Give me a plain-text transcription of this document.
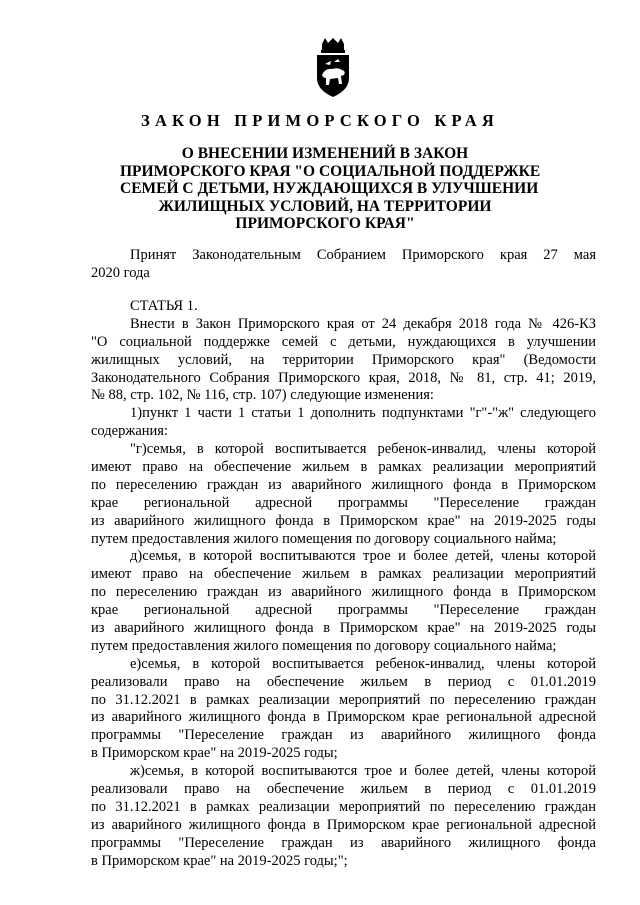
ЗАКОН ПРИМОРСКОГО КРАЯ
О ВНЕСЕНИИ ИЗМЕНЕНИЙ В ЗАКОН
ПРИМОРСКОГО КРАЯ "О СОЦИАЛЬНОЙ ПОДДЕРЖКЕ
СЕМЕЙ С ДЕТЬМИ, НУЖДАЮЩИХСЯ В УЛУЧШЕНИИ
ЖИЛИЩНЫХ УСЛОВИЙ, НА ТЕРРИТОРИИ
ПРИМОРСКОГО КРАЯ"
Принят Законодательным Собранием Приморского края 27 мая
2020 года
СТАТЬЯ 1.
Внести в Закон Приморского края от 24 декабря 2018 года № 426-КЗ
"О социальной поддержке семей с детьми, нуждающихся в улучшении
жилищных условий, на территории Приморского края" (Ведомости
Законодательного Собрания Приморского края, 2018, № 81, стр. 41; 2019,
№ 88, стр. 102, № 116, стр. 107) следующие изменения:
1)пункт 1 части 1 статьи 1 дополнить подпунктами "г"-"ж" следующего
содержания:
"г)семья, в которой воспитывается ребенок-инвалид, члены которой
имеют право на обеспечение жильем в рамках реализации мероприятий
по переселению граждан из аварийного жилищного фонда в Приморском
крае региональной адресной программы "Переселение граждан
из аварийного жилищного фонда в Приморском крае" на 2019-2025 годы
путем предоставления жилого помещения по договору социального найма;
д)семья, в которой воспитываются трое и более детей, члены которой
имеют право на обеспечение жильем в рамках реализации мероприятий
по переселению граждан из аварийного жилищного фонда в Приморском
крае региональной адресной программы "Переселение граждан
из аварийного жилищного фонда в Приморском крае" на 2019-2025 годы
путем предоставления жилого помещения по договору социального найма;
е)семья, в которой воспитывается ребенок-инвалид, члены которой
реализовали право на обеспечение жильем в период с 01.01.2019
по 31.12.2021 в рамках реализации мероприятий по переселению граждан
из аварийного жилищного фонда в Приморском крае региональной адресной
программы "Переселение граждан из аварийного жилищного фонда
в Приморском крае" на 2019-2025 годы;
ж)семья, в которой воспитываются трое и более детей, члены которой
реализовали право на обеспечение жильем в период с 01.01.2019
по 31.12.2021 в рамках реализации мероприятий по переселению граждан
из аварийного жилищного фонда в Приморском крае региональной адресной
программы "Переселение граждан из аварийного жилищного фонда
в Приморском крае" на 2019-2025 годы;";
